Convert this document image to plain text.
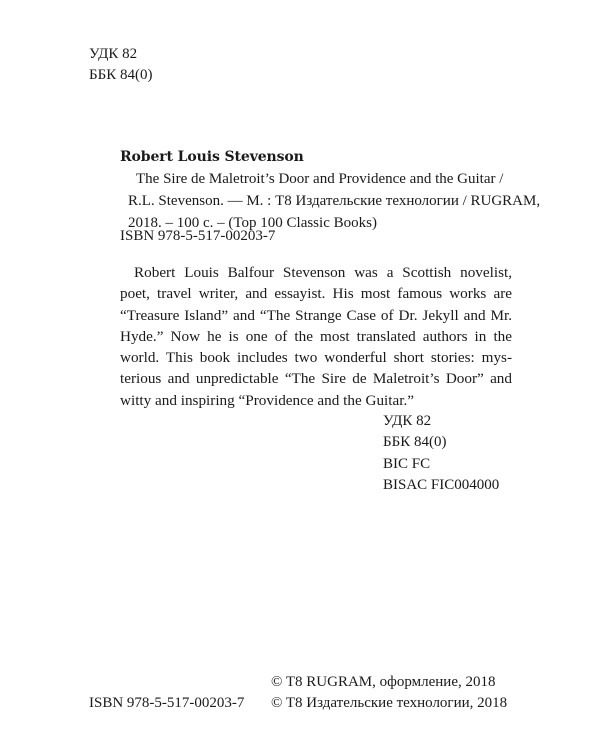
УДК 82
ББК 84(0)
Robert Louis Stevenson

The Sire de Maletroit’s Door and Providence and the Guitar /
R.L. Stevenson. — М. : T8 Издательские технологии / RUGRAM,
2018. – 100 с. – (Top 100 Classic Books)

ISBN 978-5-517-00203-7
Robert Louis Balfour Stevenson was a Scottish novelist,
poet, travel writer, and essayist. His most famous works are
“Treasure Island” and “The Strange Case of Dr. Jekyll and Mr.
Hyde.” Now he is one of the most translated authors in the
world. This book includes two wonderful short stories: mys-
terious and unpredictable “The Sire de Maletroit’s Door” and
witty and inspiring “Providence and the Guitar.”
УДК 82
ББК 84(0)
BIC FC
BISAC FIC004000
ISBN 978-5-517-00203-7
© T8 RUGRAM, оформление, 2018
© T8 Издательские технологии, 2018
